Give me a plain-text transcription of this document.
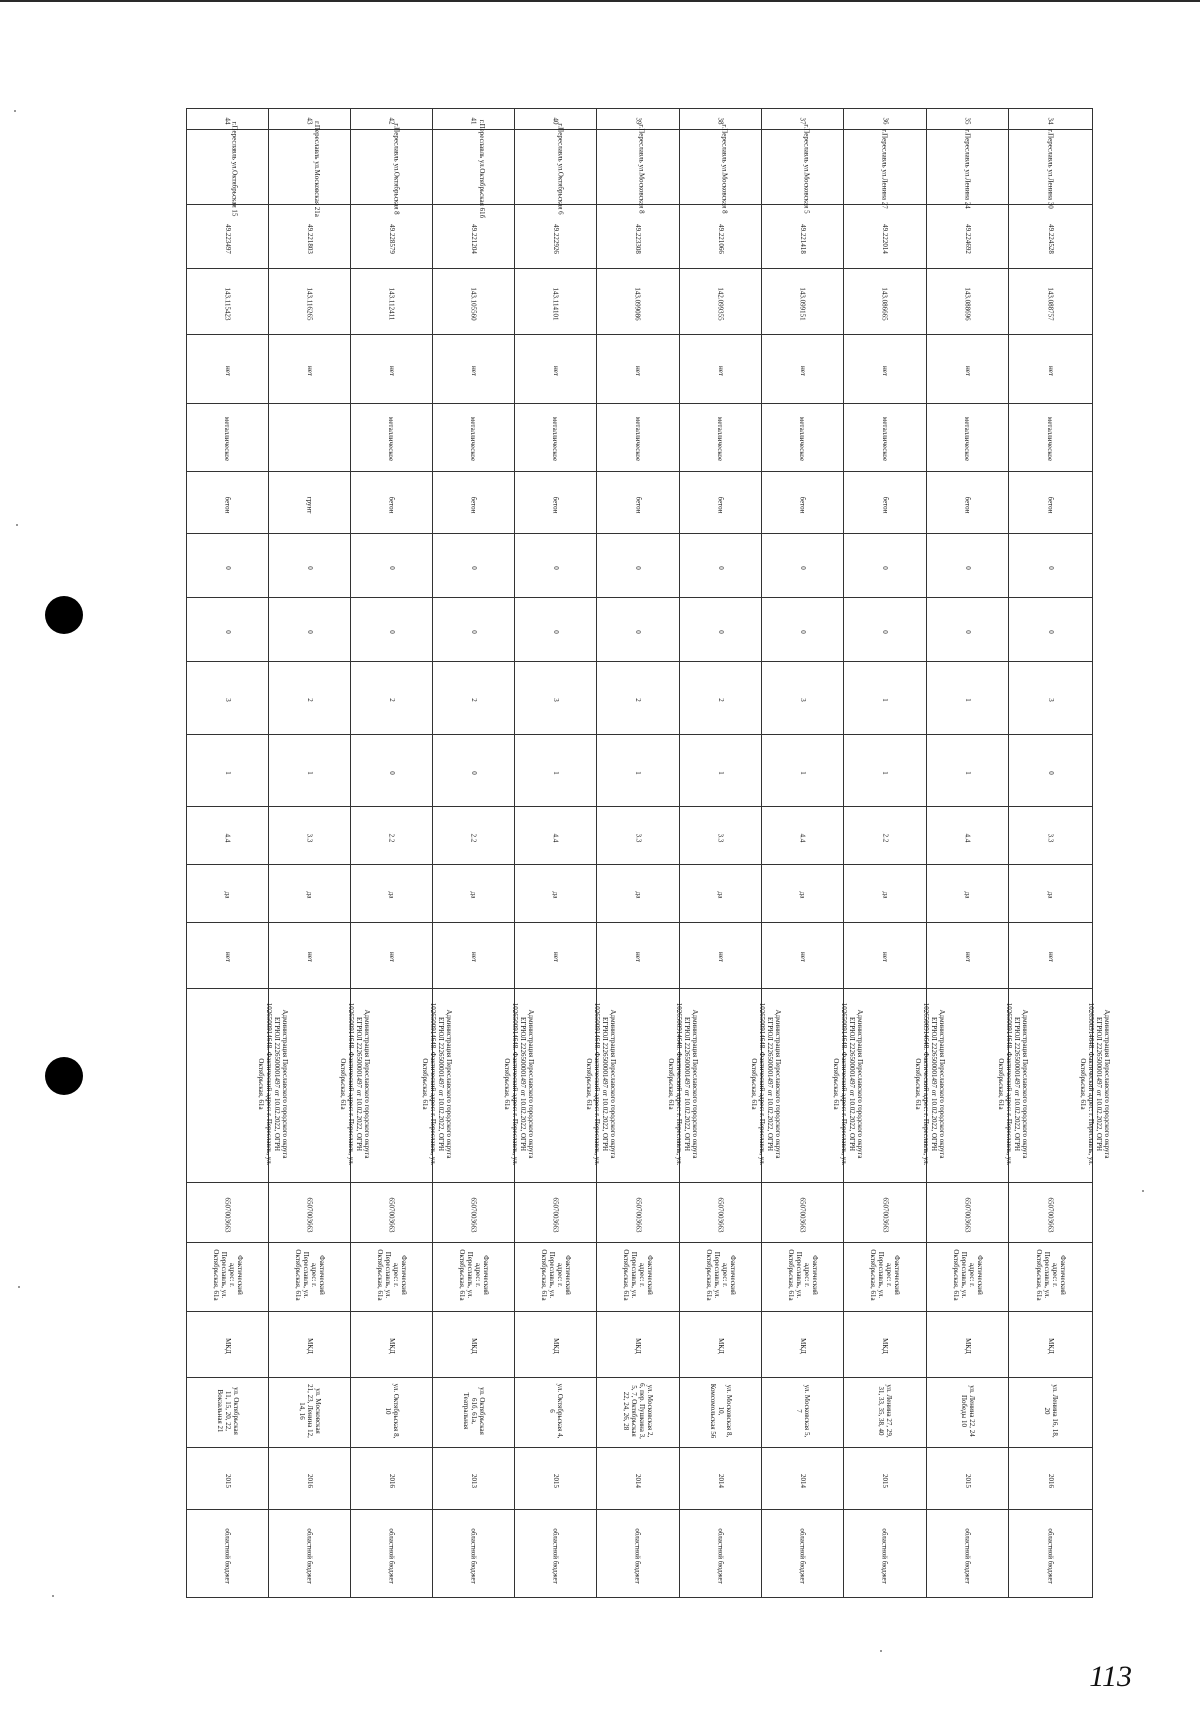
44	43	42	41	40	39	38	37	36	35	34
г.Переславль ул.Октябрьская 15	г.Переславль ул.Московская 21а	г.Переславль ул.Октябрьская 8	г.Переславль ул.Октябрьская 61б	г.Переславль ул.Октябрьская 6	г.Переславль ул.Московская 8	г.Переславль ул.Московская 8	г.Переславль ул.Московская 5	г.Переславль ул.Ленина 27	г.Переславль ул.Ленина 24	г.Переславль ул.Ленина 30
49.223497	49.221803	49.228579	49.221204	49.222926	49.223308	49.221066	49.221418	49.222014	49.224692	49.224528
143.115423	143.116265	143.112411	143.105560	143.114101	143.099086	142.099355	143.099151	143.086665	143.088696	143.088757
нет	нет	нет	нет	нет	нет	нет	нет	нет	нет	нет
металлическое		металлическое	металлическое	металлическое	металлическое	металлическое	металлическое	металлическое	металлическое	металлическое
бетон	грунт	бетон	бетон	бетон	бетон	бетон	бетон	бетон	бетон	бетон
0	0	0	0	0	0	0	0	0	0	0
0	0	0	0	0	0	0	0	0	0	0
3	2	2	2	3	2	2	3	1	1	3
1	1	0	0	1	1	1	1	1	1	0
4.4	3.3	2.2	2.2	4.4	3.3	3.3	4.4	2.2	4.4	3.3
да	да	да	да	да	да	да	да	да	да	да
нет	нет	нет	нет	нет	нет	нет	нет	нет	нет	нет
Администрация Переславского городского округа ЕГРЮЛ 2226500001497 от 10.02.2022, ОГРН 1026500914648. Фактический адрес: г. Переславль, ул. Октябрьская, 61а	Администрация Переславского городского округа ЕГРЮЛ 2226500001497 от 10.02.2022, ОГРН 1026500914648. Фактический адрес: г. Переславль, ул. Октябрьская, 61а	Администрация Переславского городского округа ЕГРЮЛ 2226500001497 от 10.02.2022, ОГРН 1026500914648. Фактический адрес: г. Переславль, ул. Октябрьская, 61а	Администрация Переславского городского округа ЕГРЮЛ 2226500001497 от 10.02.2022, ОГРН 1026500914648. Фактический адрес: г. Переславль, ул. Октябрьская, 61а	Администрация Переславского городского округа ЕГРЮЛ 2226500001497 от 10.02.2022, ОГРН 1026500914648. Фактический адрес: г. Переславль, ул. Октябрьская, 61а	Администрация Переславского городского округа ЕГРЮЛ 2226500001497 от 10.02.2022, ОГРН 1026500914648. Фактический адрес: г. Переславль, ул. Октябрьская, 61а	Администрация Переславского городского округа ЕГРЮЛ 2226500001497 от 10.02.2022, ОГРН 1026500914648. Фактический адрес: г. Переславль, ул. Октябрьская, 61а	Администрация Переславского городского округа ЕГРЮЛ 2226500001497 от 10.02.2022, ОГРН 1026500914648. Фактический адрес: г. Переславль, ул. Октябрьская, 61а	Администрация Переславского городского округа ЕГРЮЛ 2226500001497 от 10.02.2022, ОГРН 1026500914648. Фактический адрес: г. Переславль, ул. Октябрьская, 61а	Администрация Переславского городского округа ЕГРЮЛ 2226500001497 от 10.02.2022, ОГРН 1026500914648. Фактический адрес: г. Переславль, ул. Октябрьская, 61а	Администрация Переславского городского округа ЕГРЮЛ 2226500001497 от 10.02.2022, ОГРН 1026500914648. Фактический адрес: г. Переславль, ул. Октябрьская, 61а
6507003663	6507003663	6507003663	6507003663	6507003663	6507003663	6507003663	6507003663	6507003663	6507003663	6507003663
Фактический адрес: г. Переславль, ул. Октябрьская, 61а	Фактический адрес: г. Переславль, ул. Октябрьская, 61а	Фактический адрес: г. Переславль, ул. Октябрьская, 61а	Фактический адрес: г. Переславль, ул. Октябрьская, 61а	Фактический адрес: г. Переславль, ул. Октябрьская, 61а	Фактический адрес: г. Переславль, ул. Октябрьская, 61а	Фактический адрес: г. Переславль, ул. Октябрьская, 61а	Фактический адрес: г. Переславль, ул. Октябрьская, 61а	Фактический адрес: г. Переславль, ул. Октябрьская, 61а	Фактический адрес: г. Переславль, ул. Октябрьская, 61а	Фактический адрес: г. Переславль, ул. Октябрьская, 61а
МКД	МКД	МКД	МКД	МКД	МКД	МКД	МКД	МКД	МКД	МКД
ул. Октябрьская 11, 15, 20, 22, Вокзальная 21	ул. Московская 21, 23, Ленина 12, 14, 16	ул. Октябрьская 8, 10	ул. Октябрьская 61б, 61а, Театральная	ул. Октябрьская 4, 6	ул. Московская 2, 6, пер. Пушкина 3, 5, 7, Октябрьская 22, 24, 26, 28	ул. Московская 8, 10, Комсомольская 56	ул. Московская 5, 7	ул. Ленина 27, 29, 31, 33, 35, 38, 40	ул. Ленина 22, 24 Победы 10	ул. Ленина 16, 18, 20
2015	2016	2016	2013	2015	2014	2014	2014	2015	2015	2016
областной бюджет	областной бюджет	областной бюджет	областной бюджет	областной бюджет	областной бюджет	областной бюджет	областной бюджет	областной бюджет	областной бюджет	областной бюджет
113
